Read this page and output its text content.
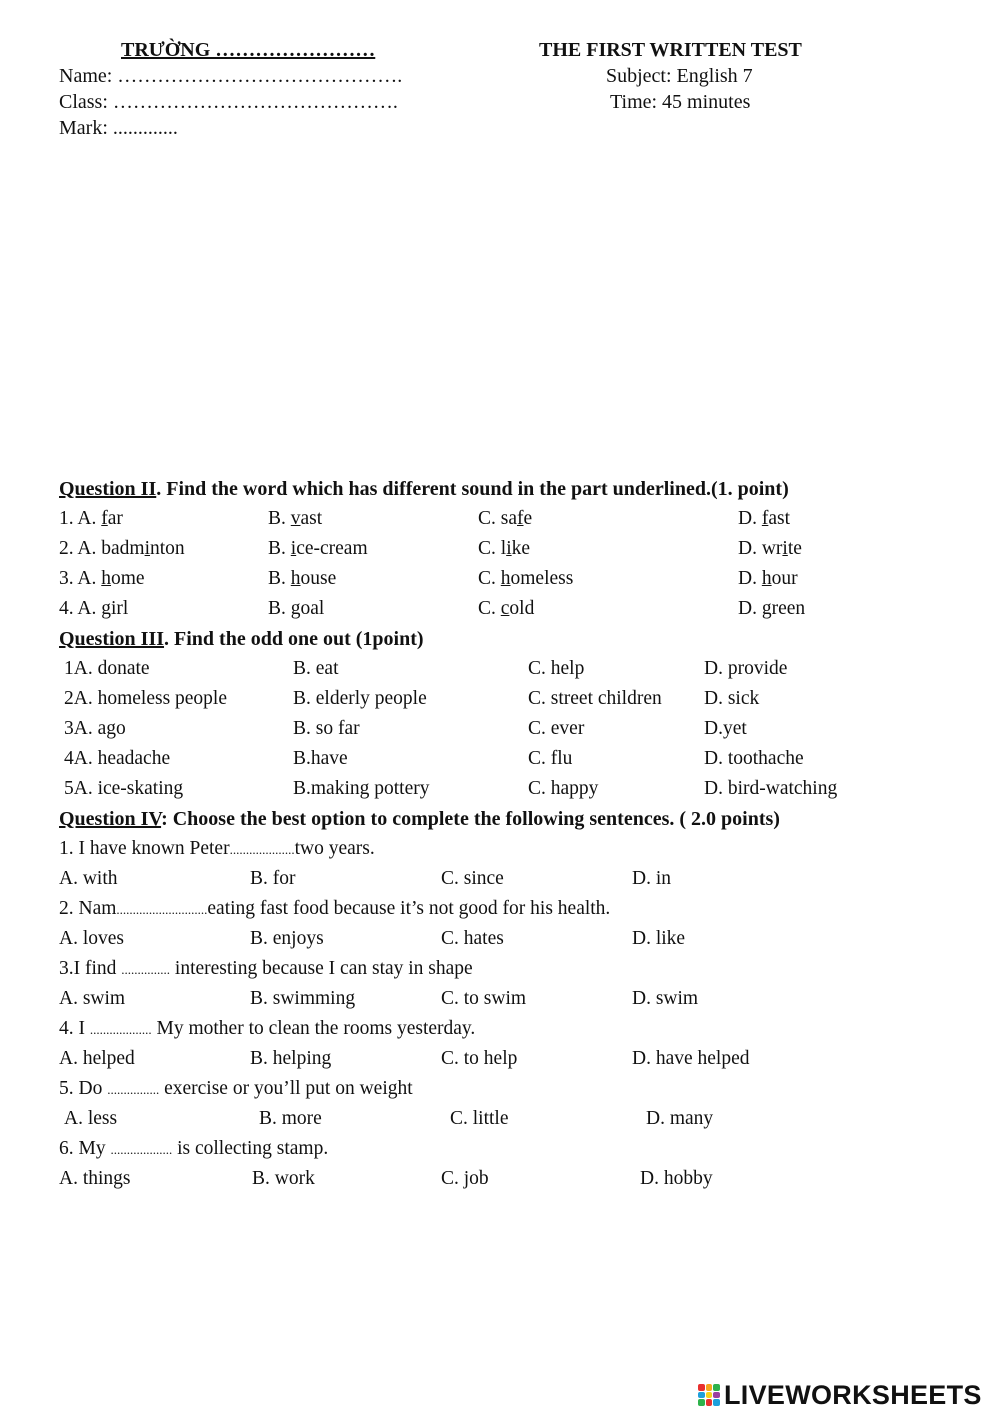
TRƯỜNG ……………………
Name: …………………………………….
Class: …………………………………….
Mark: .............
THE FIRST WRITTEN TEST
Subject: English 7
Time: 45 minutes
Question II. Find the word which has different sound in the part underlined.(1. point)
1. A. far	B. vast	C. safe	D. fast
2. A. badminton	B. ice-cream	C. like	D. write
3. A. home	B. house	C. homeless	D. hour
4. A. girl	B. goal	C. cold	D. green
Question III. Find the odd one out (1point)
1A. donate	B. eat	C. help	D. provide
2A. homeless people	B. elderly people	C. street children D. sick
3A. ago	B. so far	C. ever	D.yet
4A. headache	B.have	C. flu	D. toothache
5A. ice-skating	B.making pottery	C. happy	D. bird-watching
Question IV: Choose the best option to complete the following sentences. ( 2.0 points)
1. I have known Peter....................two years.
A. with	B. for	C. since	D. in
2. Nam............................eating fast food because it’s not good for his health.
A. loves	B. enjoys	C. hates	D. like
3.I find ............... interesting because I can stay in shape
A. swim	B. swimming	C. to swim	D. swim
4. I ................... My mother to clean the rooms yesterday.
A. helped	B. helping	C. to help	D. have helped
5. Do ................ exercise or you’ll put on weight
A. less	B. more	C. little	D. many
6. My ................... is collecting stamp.
A. things	B. work	C. job	D. hobby
LIVEWORKSHEETS
